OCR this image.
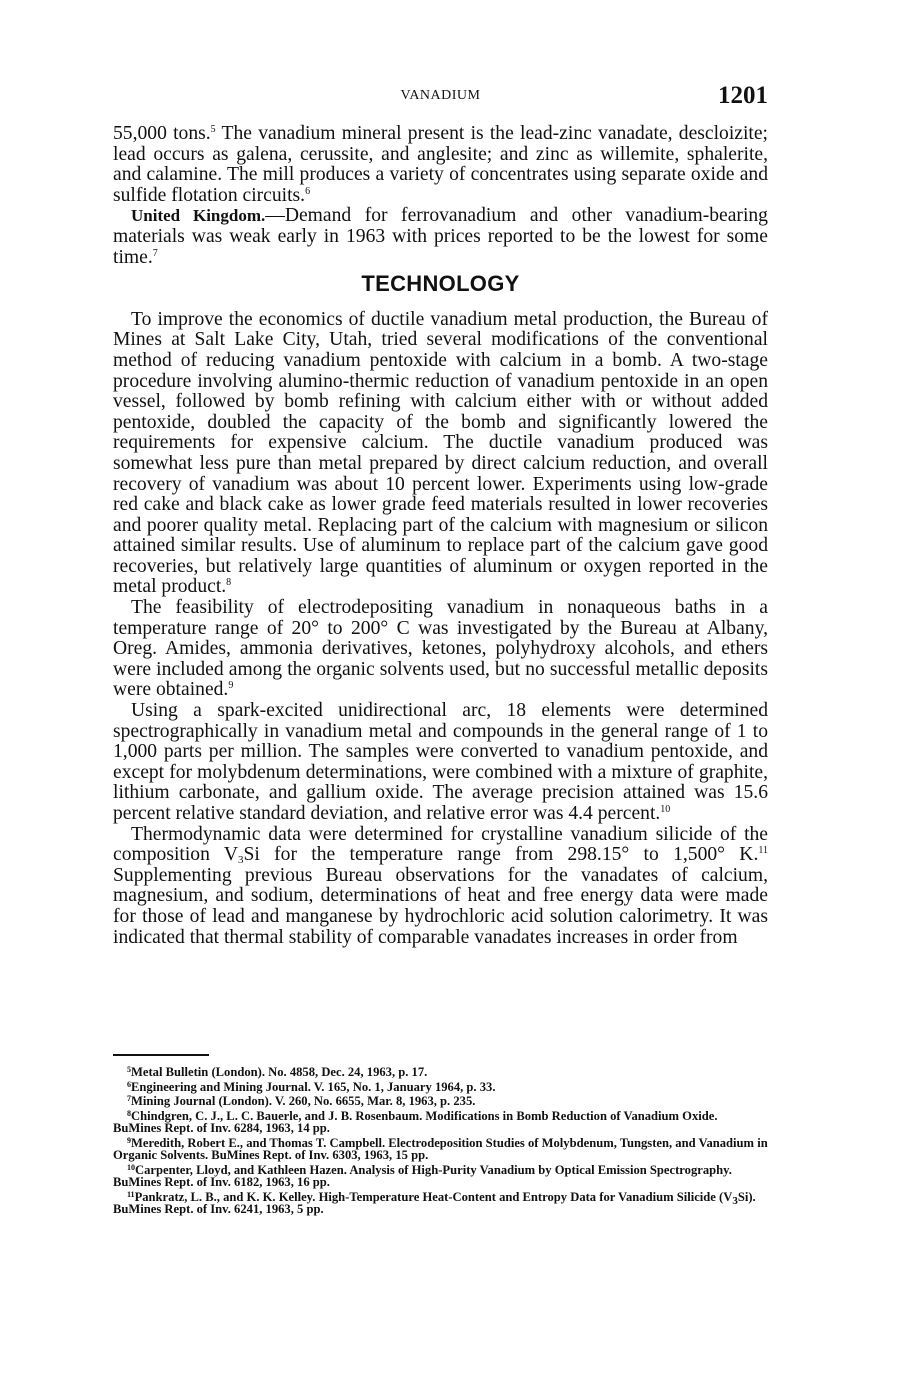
VANADIUM	1201

55,000 tons.$^5$ The vanadium mineral present is the lead-zinc vanadate, descloizite; lead occurs as galena, cerussite, and anglesite; and zinc as willemite, sphalerite, and calamine. The mill produces a variety of concentrates using separate oxide and sulfide flotation circuits.$^6$

United Kingdom.—Demand for ferrovanadium and other vanadium-bearing materials was weak early in 1963 with prices reported to be the lowest for some time.$^7$

TECHNOLOGY

To improve the economics of ductile vanadium metal production, the Bureau of Mines at Salt Lake City, Utah, tried several modifications of the conventional method of reducing vanadium pentoxide with calcium in a bomb. A two-stage procedure involving alumino-thermic reduction of vanadium pentoxide in an open vessel, followed by bomb refining with calcium either with or without added pentoxide, doubled the capacity of the bomb and significantly lowered the requirements for expensive calcium. The ductile vanadium produced was somewhat less pure than metal prepared by direct calcium reduction, and overall recovery of vanadium was about 10 percent lower. Experiments using low-grade red cake and black cake as lower grade feed materials resulted in lower recoveries and poorer quality metal. Replacing part of the calcium with magnesium or silicon attained similar results. Use of aluminum to replace part of the calcium gave good recoveries, but relatively large quantities of aluminum or oxygen reported in the metal product.$^8$

The feasibility of electrodepositing vanadium in nonaqueous baths in a temperature range of 20° to 200° C was investigated by the Bureau at Albany, Oreg. Amides, ammonia derivatives, ketones, polyhydroxy alcohols, and ethers were included among the organic solvents used, but no successful metallic deposits were obtained.$^9$

Using a spark-excited unidirectional arc, 18 elements were determined spectrographically in vanadium metal and compounds in the general range of 1 to 1,000 parts per million. The samples were converted to vanadium pentoxide, and except for molybdenum determinations, were combined with a mixture of graphite, lithium carbonate, and gallium oxide. The average precision attained was 15.6 percent relative standard deviation, and relative error was 4.4 percent.$^{10}$

Thermodynamic data were determined for crystalline vanadium silicide of the composition $V_3Si$ for the temperature range from 298.15° to 1,500° K.$^{11}$ Supplementing previous Bureau observations for the vanadates of calcium, magnesium, and sodium, determinations of heat and free energy data were made for those of lead and manganese by hydrochloric acid solution calorimetry. It was indicated that thermal stability of comparable vanadates increases in order from

$^5$Metal Bulletin (London). No. 4858, Dec. 24, 1963, p. 17.

$^6$Engineering and Mining Journal. V. 165, No. 1, January 1964, p. 33.

$^7$Mining Journal (London). V. 260, No. 6655, Mar. 8, 1963, p. 235.

$^8$Chindgren, C. J., L. C. Bauerle, and J. B. Rosenbaum. Modifications in Bomb Reduction of Vanadium Oxide. BuMines Rept. of Inv. 6284, 1963, 14 pp.

$^9$Meredith, Robert E., and Thomas T. Campbell. Electrodeposition Studies of Molybdenum, Tungsten, and Vanadium in Organic Solvents. BuMines Rept. of Inv. 6303, 1963, 15 pp.

$^{10}$Carpenter, Lloyd, and Kathleen Hazen. Analysis of High-Purity Vanadium by Optical Emission Spectrography. BuMines Rept. of Inv. 6182, 1963, 16 pp.

$^{11}$Pankratz, L. B., and K. K. Kelley. High-Temperature Heat-Content and Entropy Data for Vanadium Silicide $(V_3Si)$. BuMines Rept. of Inv. 6241, 1963, 5 pp.
